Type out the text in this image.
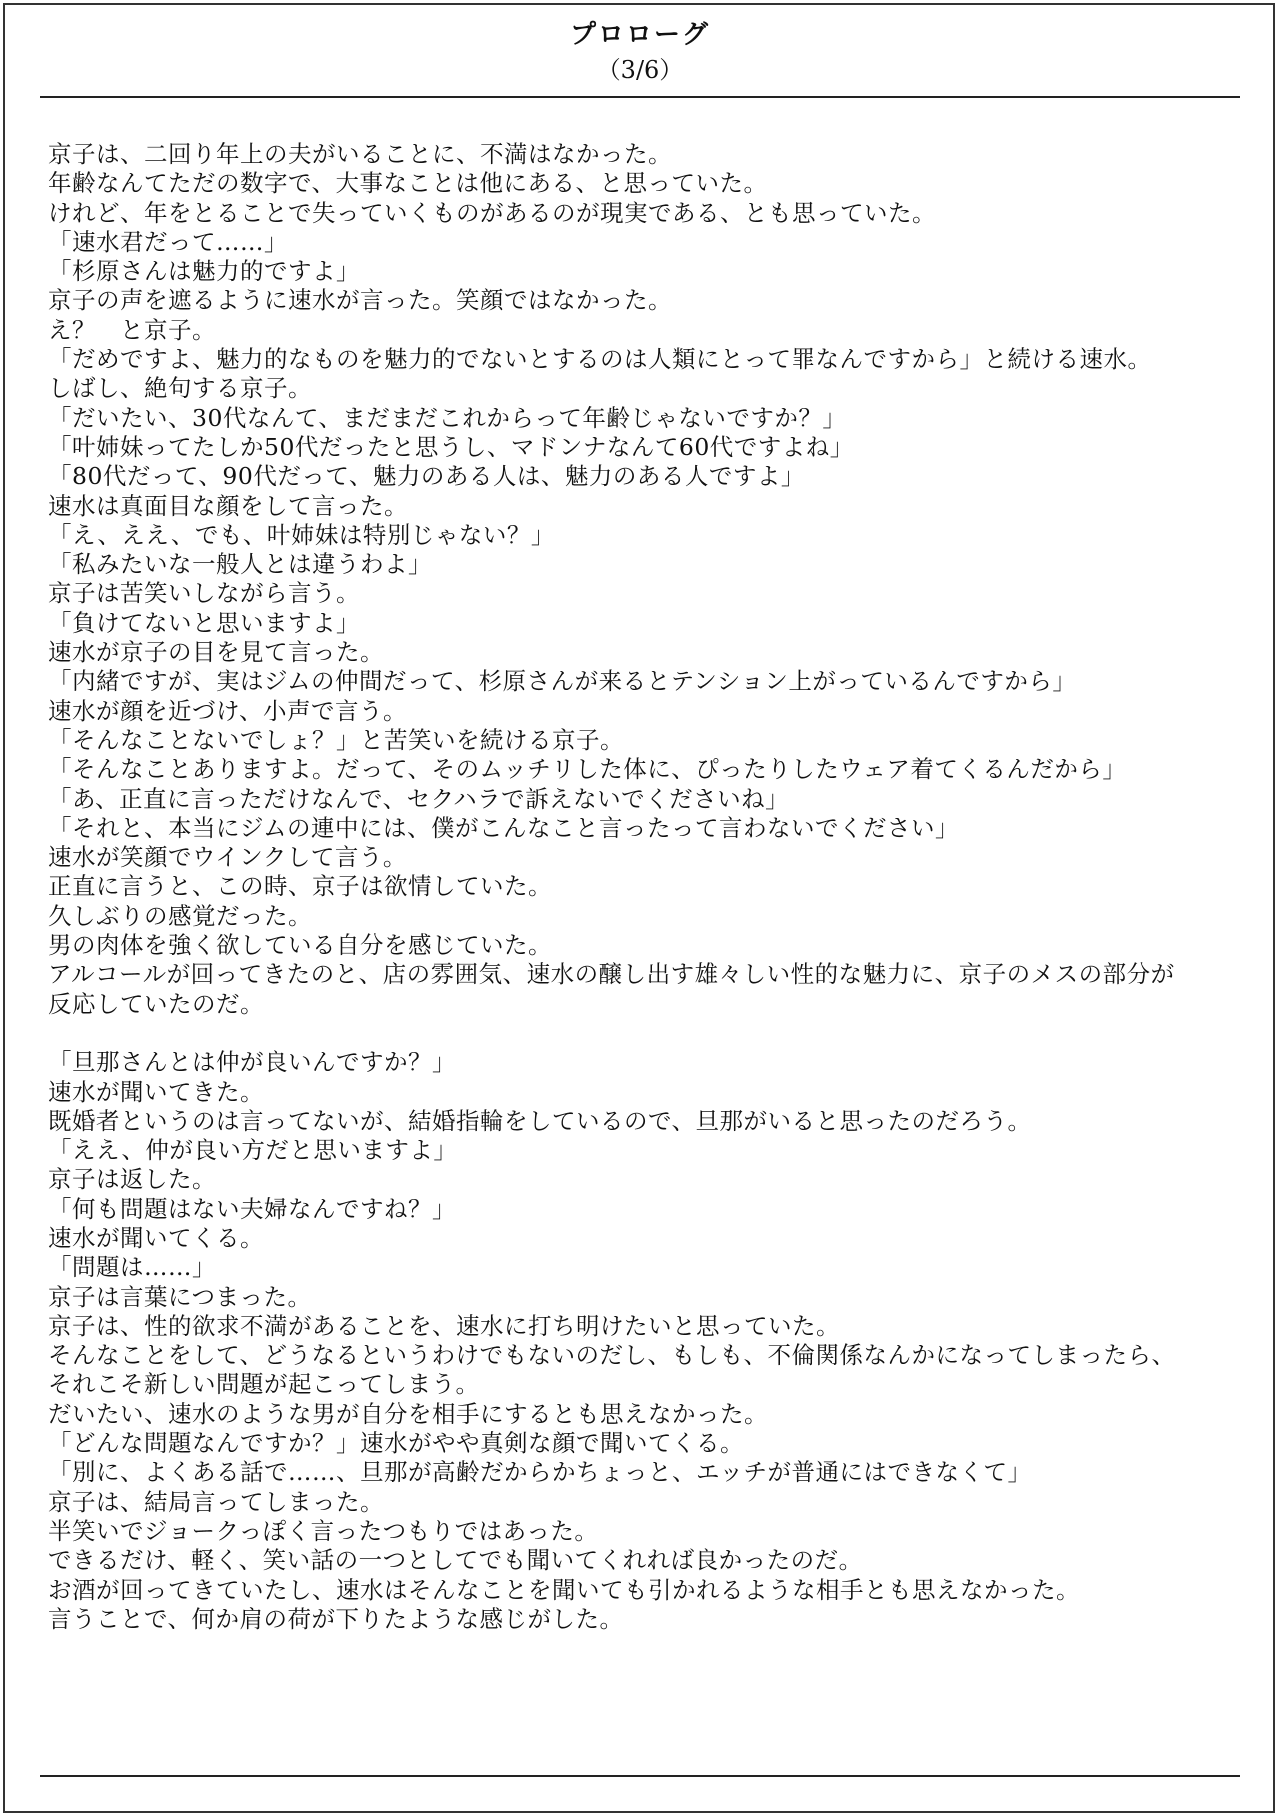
プロローグ
（3/6）
京子は、二回り年上の夫がいることに、不満はなかった。
年齢なんてただの数字で、大事なことは他にある、と思っていた。
けれど、年をとることで失っていくものがあるのが現実である、とも思っていた。
「速水君だって……」
「杉原さんは魅力的ですよ」
京子の声を遮るように速水が言った。笑顔ではなかった。
え？　と京子。
「だめですよ、魅力的なものを魅力的でないとするのは人類にとって罪なんですから」と続ける速水。
しばし、絶句する京子。
「だいたい、30代なんて、まだまだこれからって年齢じゃないですか？」
「叶姉妹ってたしか50代だったと思うし、マドンナなんて60代ですよね」
「80代だって、90代だって、魅力のある人は、魅力のある人ですよ」
速水は真面目な顔をして言った。
「え、ええ、でも、叶姉妹は特別じゃない？」
「私みたいな一般人とは違うわよ」
京子は苦笑いしながら言う。
「負けてないと思いますよ」
速水が京子の目を見て言った。
「内緒ですが、実はジムの仲間だって、杉原さんが来るとテンション上がっているんですから」
速水が顔を近づけ、小声で言う。
「そんなことないでしょ？」と苦笑いを続ける京子。
「そんなことありますよ。だって、そのムッチリした体に、ぴったりしたウェア着てくるんだから」
「あ、正直に言っただけなんで、セクハラで訴えないでくださいね」
「それと、本当にジムの連中には、僕がこんなこと言ったって言わないでください」
速水が笑顔でウインクして言う。
正直に言うと、この時、京子は欲情していた。
久しぶりの感覚だった。
男の肉体を強く欲している自分を感じていた。
アルコールが回ってきたのと、店の雰囲気、速水の醸し出す雄々しい性的な魅力に、京子のメスの部分が
反応していたのだ。
「旦那さんとは仲が良いんですか？」
速水が聞いてきた。
既婚者というのは言ってないが、結婚指輪をしているので、旦那がいると思ったのだろう。
「ええ、仲が良い方だと思いますよ」
京子は返した。
「何も問題はない夫婦なんですね？」
速水が聞いてくる。
「問題は……」
京子は言葉につまった。
京子は、性的欲求不満があることを、速水に打ち明けたいと思っていた。
そんなことをして、どうなるというわけでもないのだし、もしも、不倫関係なんかになってしまったら、
それこそ新しい問題が起こってしまう。
だいたい、速水のような男が自分を相手にするとも思えなかった。
「どんな問題なんですか？」速水がやや真剣な顔で聞いてくる。
「別に、よくある話で……、旦那が高齢だからかちょっと、エッチが普通にはできなくて」
京子は、結局言ってしまった。
半笑いでジョークっぽく言ったつもりではあった。
できるだけ、軽く、笑い話の一つとしてでも聞いてくれれば良かったのだ。
お酒が回ってきていたし、速水はそんなことを聞いても引かれるような相手とも思えなかった。
言うことで、何か肩の荷が下りたような感じがした。
